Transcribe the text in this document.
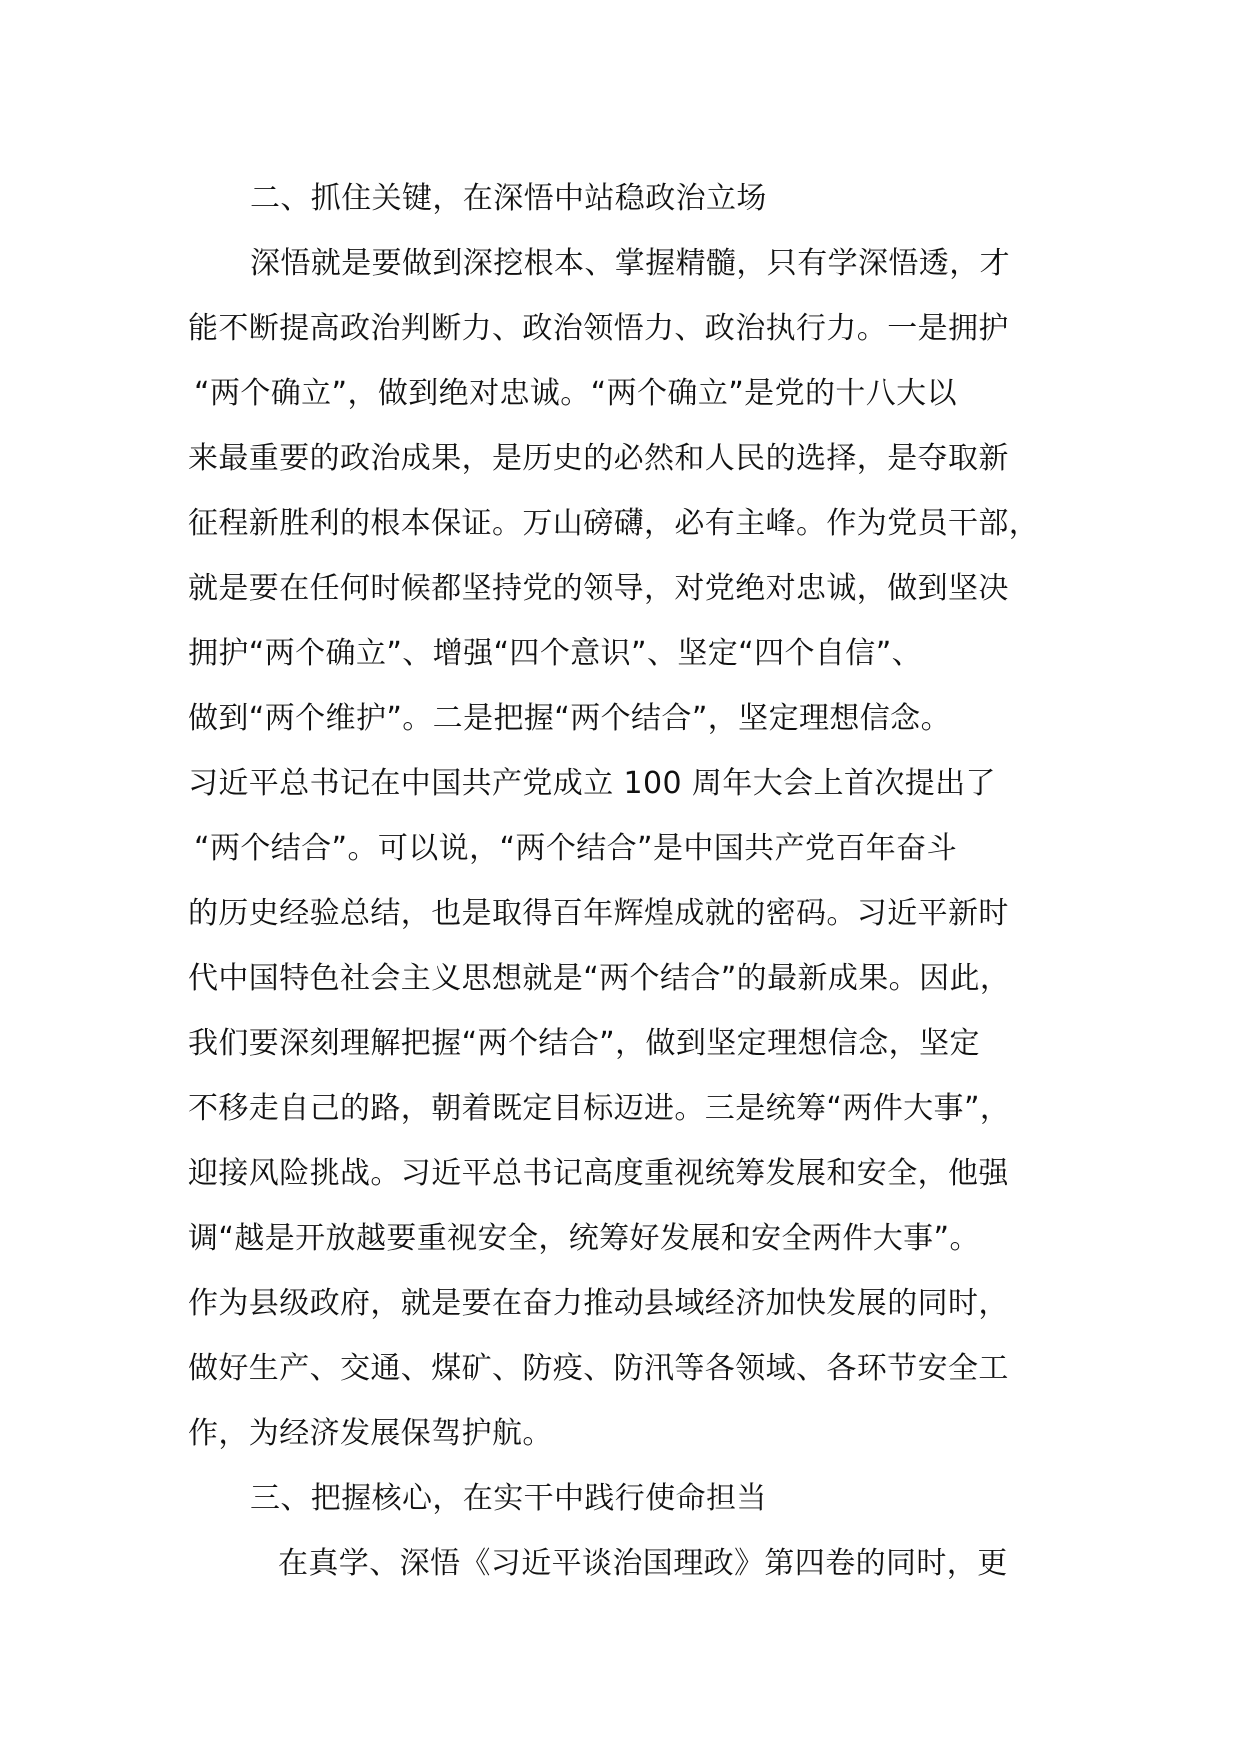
二、抓住关键，在深悟中站稳政治立场
深悟就是要做到深挖根本、掌握精髓，只有学深悟透，才
能不断提高政治判断力、政治领悟力、政治执行力。一是拥护
“两个确立”，做到绝对忠诚。“两个确立”是党的十八大以
来最重要的政治成果，是历史的必然和人民的选择，是夺取新
征程新胜利的根本保证。万山磅礴，必有主峰。作为党员干部，
就是要在任何时候都坚持党的领导，对党绝对忠诚，做到坚决
拥护“两个确立”、增强“四个意识”、坚定“四个自信”、
做到“两个维护”。二是把握“两个结合”，坚定理想信念。
习近平总书记在中国共产党成立 100 周年大会上首次提出了
“两个结合”。可以说，“两个结合”是中国共产党百年奋斗
的历史经验总结，也是取得百年辉煌成就的密码。习近平新时
代中国特色社会主义思想就是“两个结合”的最新成果。因此，
我们要深刻理解把握“两个结合”，做到坚定理想信念，坚定
不移走自己的路，朝着既定目标迈进。三是统筹“两件大事”，
迎接风险挑战。习近平总书记高度重视统筹发展和安全，他强
调“越是开放越要重视安全，统筹好发展和安全两件大事”。
作为县级政府，就是要在奋力推动县域经济加快发展的同时，
做好生产、交通、煤矿、防疫、防汛等各领域、各环节安全工
作，为经济发展保驾护航。
三、把握核心，在实干中践行使命担当
在真学、深悟《习近平谈治国理政》第四卷的同时，更
